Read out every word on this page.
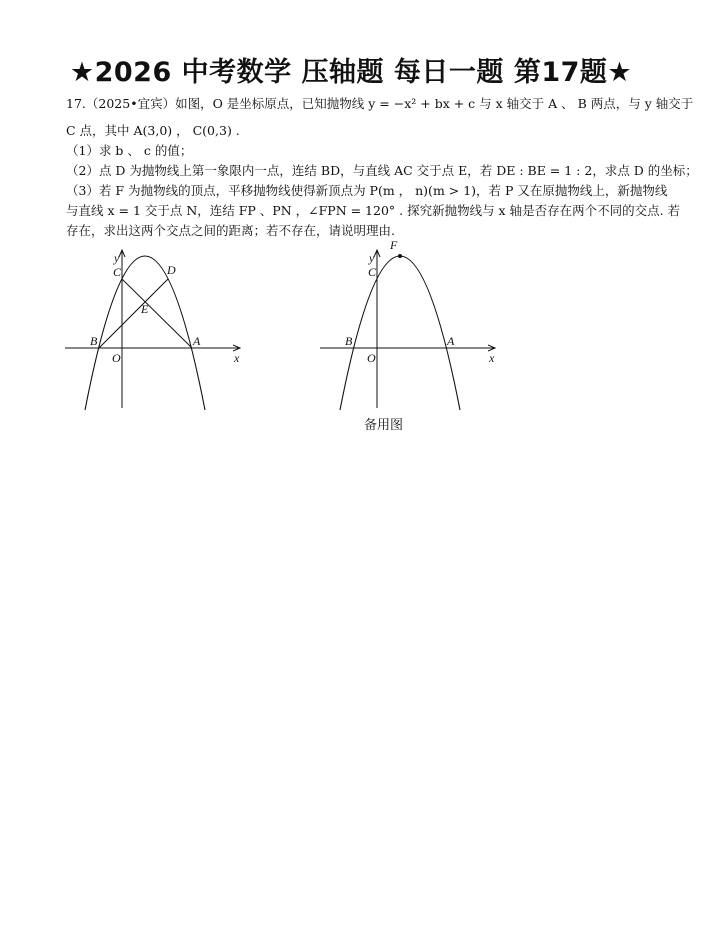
★2026 中考数学 压轴题 每日一题 第17题★
17.（2025•宜宾）如图，O 是坐标原点，已知抛物线 y = −x² + bx + c 与 x 轴交于 A 、 B 两点，与 y 轴交于
C 点，其中 A(3,0) ， C(0,3) .
（1）求 b 、 c 的值；
（2）点 D 为抛物线上第一象限内一点，连结 BD，与直线 AC 交于点 E，若 DE : BE = 1 : 2，求点 D 的坐标；
（3）若 F 为抛物线的顶点，平移抛物线使得新顶点为 P(m ， n)(m > 1)，若 P 又在原抛物线上，新抛物线
与直线 x = 1 交于点 N，连结 FP 、PN ，∠FPN = 120° . 探究新抛物线与 x 轴是否存在两个不同的交点. 若
存在，求出这两个交点之间的距离；若不存在，请说明理由.
y
x
O
B	A
C	D
E
y
x
O
B	A
C
F
备用图
